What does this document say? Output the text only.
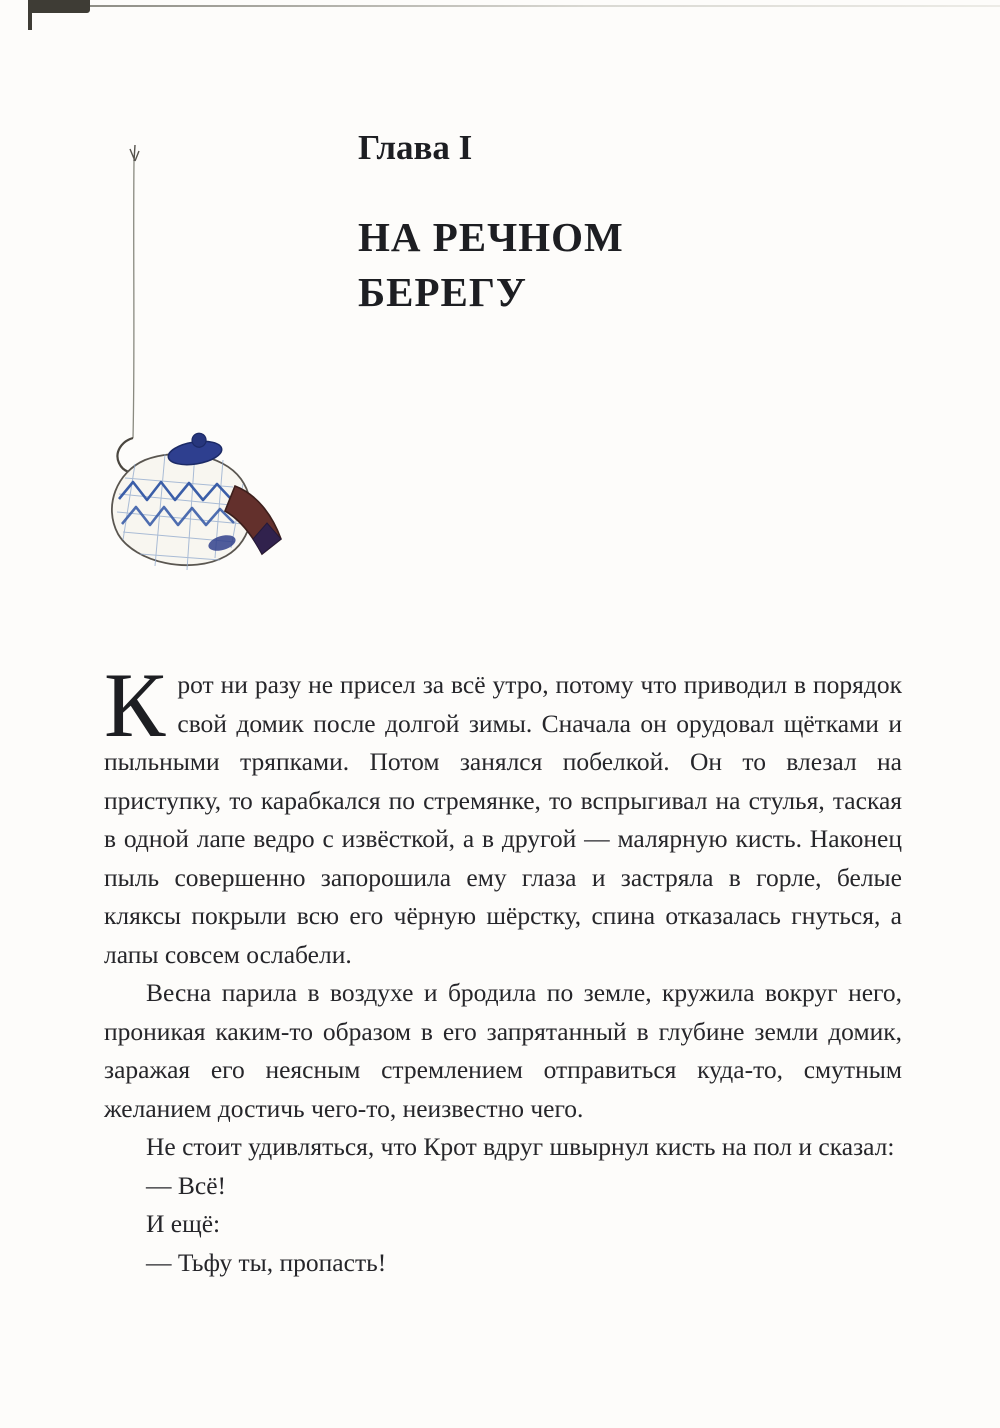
Глава I
НА РЕЧНОМ
БЕРЕГУ

Крот ни разу не присел за всё утро, потому что приводил в порядок свой домик после долгой зимы. Сначала он орудовал щётками и пыльными тряпками. Потом занялся побелкой. Он то влезал на приступку, то карабкался по стремянке, то вспрыгивал на стулья, таская в одной лапе ведро с извёсткой, а в другой — малярную кисть. Наконец пыль совершенно запорошила ему глаза и застряла в горле, белые кляксы покрыли всю его чёрную шёрстку, спина отказалась гнуться, а лапы совсем ослабели.

Весна парила в воздухе и бродила по земле, кружила вокруг него, проникая каким-то образом в его запрятанный в глубине земли домик, заражая его неясным стремлением отправиться куда-то, смутным желанием достичь чего-то, неизвестно чего.

Не стоит удивляться, что Крот вдруг швырнул кисть на пол и сказал:

— Всё!

И ещё:

— Тьфу ты, пропасть!
